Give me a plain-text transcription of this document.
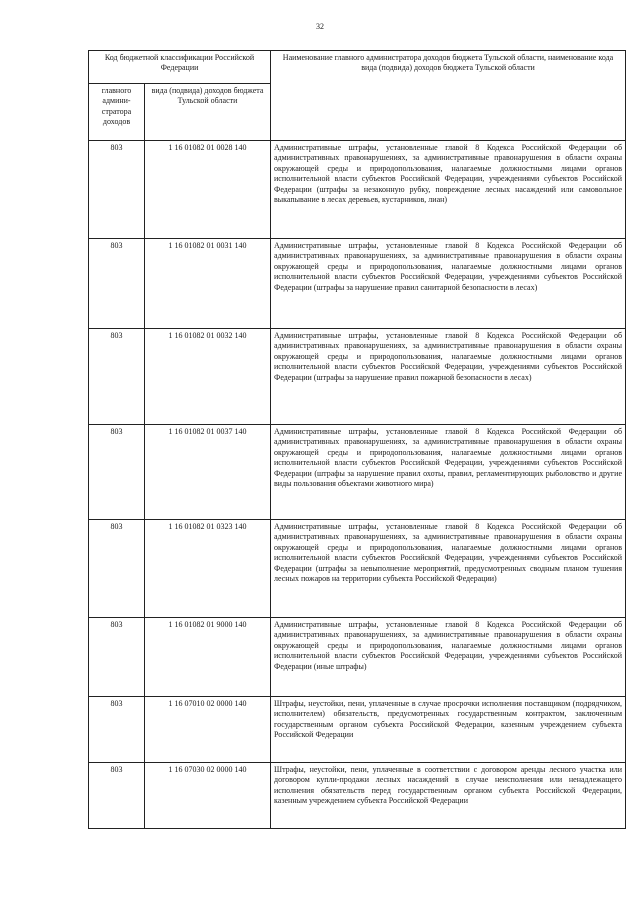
32
Код бюджетной классификации Российской Федерации		Наименование главного администратора доходов бюджета Тульской области, наименование кода вида (подвида) доходов бюджета Тульской области
главного админи-стратора доходов	вида (подвида) доходов бюджета Тульской области	
803	1 16 01082 01 0028 140	Административные штрафы, установленные главой 8 Кодекса Российской Федерации об административных правонарушениях, за административные правонарушения в области охраны окружающей среды и природопользования, налагаемые должностными лицами органов исполнительной власти субъектов Российской Федерации, учреждениями субъектов Российской Федерации (штрафы за незаконную рубку, повреждение лесных насаждений или самовольное выкапывание в лесах деревьев, кустарников, лиан)
803	1 16 01082 01 0031 140	Административные штрафы, установленные главой 8 Кодекса Российской Федерации об административных правонарушениях, за административные правонарушения в области охраны окружающей среды и природопользования, налагаемые должностными лицами органов исполнительной власти субъектов Российской Федерации, учреждениями субъектов Российской Федерации (штрафы за нарушение правил санитарной безопасности в лесах)
803	1 16 01082 01 0032 140	Административные штрафы, установленные главой 8 Кодекса Российской Федерации об административных правонарушениях, за административные правонарушения в области охраны окружающей среды и природопользования, налагаемые должностными лицами органов исполнительной власти субъектов Российской Федерации, учреждениями субъектов Российской Федерации (штрафы за нарушение правил пожарной безопасности в лесах)
803	1 16 01082 01 0037 140	Административные штрафы, установленные главой 8 Кодекса Российской Федерации об административных правонарушениях, за административные правонарушения в области охраны окружающей среды и природопользования, налагаемые должностными лицами органов исполнительной власти субъектов Российской Федерации, учреждениями субъектов Российской Федерации (штрафы за нарушение правил охоты, правил, регламентирующих рыболовство и другие виды пользования объектами животного мира)
803	1 16 01082 01 0323 140	Административные штрафы, установленные главой 8 Кодекса Российской Федерации об административных правонарушениях, за административные правонарушения в области охраны окружающей среды и природопользования, налагаемые должностными лицами органов исполнительной власти субъектов Российской Федерации, учреждениями субъектов Российской Федерации (штрафы за невыполнение мероприятий, предусмотренных сводным планом тушения лесных пожаров на территории субъекта Российской Федерации)
803	1 16 01082 01 9000 140	Административные штрафы, установленные главой 8 Кодекса Российской Федерации об административных правонарушениях, за административные правонарушения в области охраны окружающей среды и природопользования, налагаемые должностными лицами органов исполнительной власти субъектов Российской Федерации, учреждениями субъектов Российской Федерации (иные штрафы)
803	1 16 07010 02 0000 140	Штрафы, неустойки, пени, уплаченные в случае просрочки исполнения поставщиком (подрядчиком, исполнителем) обязательств, предусмотренных государственным контрактом, заключенным государственным органом субъекта Российской Федерации, казенным учреждением субъекта Российской Федерации
803	1 16 07030 02 0000 140	Штрафы, неустойки, пени, уплаченные в соответствии с договором аренды лесного участка или договором купли-продажи лесных насаждений в случае неисполнения или ненадлежащего исполнения обязательств перед государственным органом субъекта Российской Федерации, казенным учреждением субъекта Российской Федерации
